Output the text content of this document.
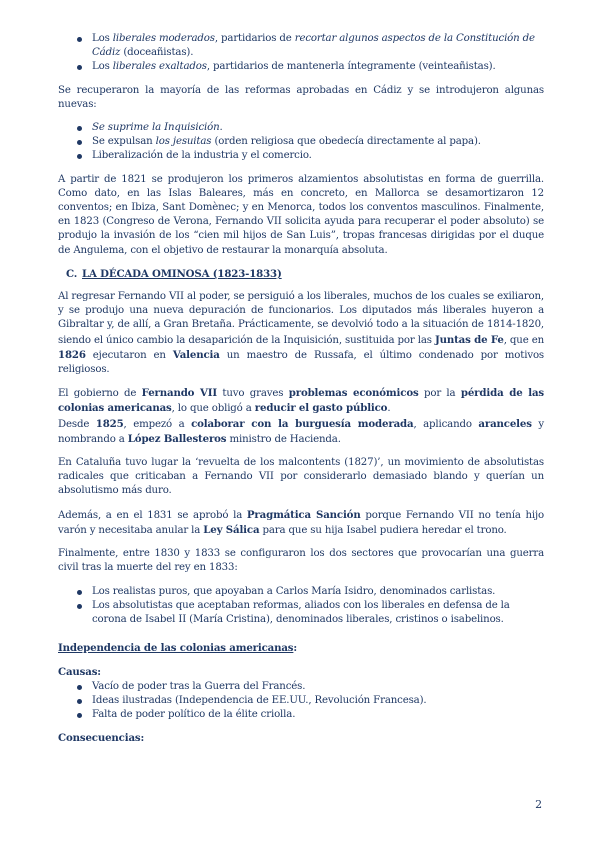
Los liberales moderados, partidarios de recortar algunos aspectos de la Constitución de Cádiz (doceañistas).
Los liberales exaltados, partidarios de mantenerla íntegramente (veinteañistas).

Se recuperaron la mayoría de las reformas aprobadas en Cádiz y se introdujeron algunas nuevas:

Se suprime la Inquisición.
Se expulsan los jesuitas (orden religiosa que obedecía directamente al papa).
Liberalización de la industria y el comercio.

A partir de 1821 se produjeron los primeros alzamientos absolutistas en forma de guerrilla. Como dato, en las Islas Baleares, más en concreto, en Mallorca se desamortizaron 12 conventos; en Ibiza, Sant Domènec; y en Menorca, todos los conventos masculinos. Finalmente, en 1823 (Congreso de Verona, Fernando VII solicita ayuda para recuperar el poder absoluto) se produjo la invasión de los “cien mil hijos de San Luis”, tropas francesas dirigidas por el duque de Angulema, con el objetivo de restaurar la monarquía absoluta.

C. LA DÉCADA OMINOSA (1823-1833)

Al regresar Fernando VII al poder, se persiguió a los liberales, muchos de los cuales se exiliaron, y se produjo una nueva depuración de funcionarios. Los diputados más liberales huyeron a Gibraltar y, de allí, a Gran Bretaña. Prácticamente, se devolvió todo a la situación de 1814-1820, siendo el único cambio la desaparición de la Inquisición, sustituida por las Juntas de Fe, que en 1826 ejecutaron en Valencia un maestro de Russafa, el último condenado por motivos religiosos.

El gobierno de Fernando VII tuvo graves problemas económicos por la pérdida de las colonias americanas, lo que obligó a reducir el gasto público.

Desde 1825, empezó a colaborar con la burguesía moderada, aplicando aranceles y nombrando a López Ballesteros ministro de Hacienda.

En Cataluña tuvo lugar la ‘revuelta de los malcontents (1827)’, un movimiento de absolutistas radicales que criticaban a Fernando VII por considerarlo demasiado blando y querían un absolutismo más duro.

Además, a en el 1831 se aprobó la Pragmática Sanción porque Fernando VII no tenía hijo varón y necesitaba anular la Ley Sálica para que su hija Isabel pudiera heredar el trono.

Finalmente, entre 1830 y 1833 se configuraron los dos sectores que provocarían una guerra civil tras la muerte del rey en 1833:

Los realistas puros, que apoyaban a Carlos María Isidro, denominados carlistas.
Los absolutistas que aceptaban reformas, aliados con los liberales en defensa de la corona de Isabel II (María Cristina), denominados liberales, cristinos o isabelinos.

Independencia de las colonias americanas:

Causas:

Vacío de poder tras la Guerra del Francés.
Ideas ilustradas (Independencia de EE.UU., Revolución Francesa).
Falta de poder político de la élite criolla.

Consecuencias:

2
